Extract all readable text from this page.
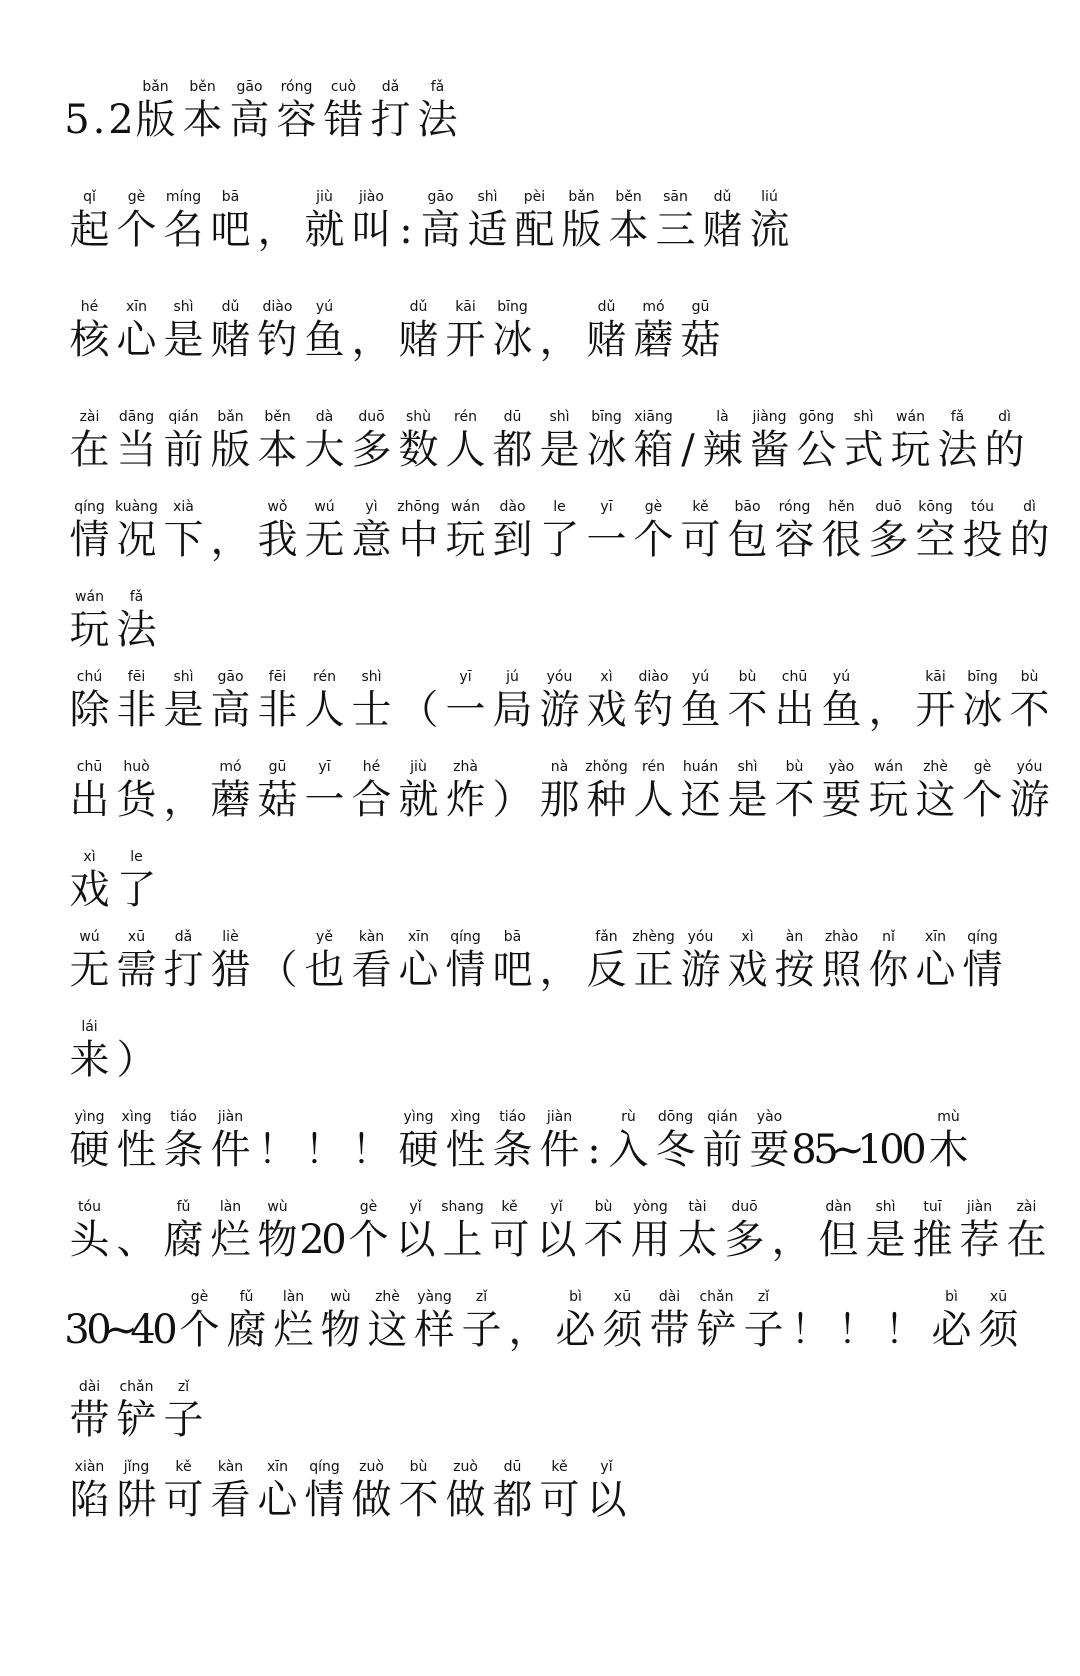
5 . 2
bǎn
版
běn
本
gāo
高
róng
容
cuò
错
dǎ
打
fǎ
法
qǐ
起
gè
个
míng
名
bā
吧 ，
jiù
就
jiào
叫 :
gāo
高
shì
适
pèi
配
bǎn
版
běn
本
sān
三
dǔ
赌
liú
流
hé
核
xīn
心
shì
是
dǔ
赌
diào
钓
yú
鱼 ，
dǔ
赌
kāi
开
bīng
冰 ，
dǔ
赌
mó
蘑
gū
菇
zài
在
dāng
当
qián
前
bǎn
版
běn
本
dà
大
duō
多
shù
数
rén
人
dū
都
shì
是
bīng
冰
xiāng
箱 /
là
辣
jiàng
酱
gōng
公
shì
式
wán
玩
fǎ
法
dì
的
qíng
情
kuàng
况
xià
下 ，
wǒ
我
wú
无
yì
意
zhōng
中
wán
玩
dào
到
le
了
yī
一
gè
个
kě
可
bāo
包
róng
容
hěn
很
duō
多
kōng
空
tóu
投
dì
的
wán
玩
fǎ
法
chú
除
fēi
非
shì
是
gāo
高
fēi
非
rén
人
shì
士 （
yī
一
jú
局
yóu
游
xì
戏
diào
钓
yú
鱼
bù
不
chū
出
yú
鱼 ，
kāi
开
bīng
冰
bù
不
chū
出
huò
货 ，
mó
蘑
gū
菇
yī
一
hé
合
jiù
就
zhà
炸 ）
nà
那
zhǒng
种
rén
人
huán
还
shì
是
bù
不
yào
要
wán
玩
zhè
这
gè
个
yóu
游
xì
戏
le
了
wú
无
xū
需
dǎ
打
liè
猎 （
yě
也
kàn
看
xīn
心
qíng
情
bā
吧 ，
fǎn
反
zhèng
正
yóu
游
xì
戏
àn
按
zhào
照
nǐ
你
xīn
心
qíng
情
lái
来 ）
yìng
硬
xìng
性
tiáo
条
jiàn
件 ！ ！ ！
yìng
硬
xìng
性
tiáo
条
jiàn
件 :
rù
入
dōng
冬
qián
前
yào
要 8
5
~
1
0
0
mù
木
tóu
头 、
fǔ
腐
làn
烂
wù
物 2
0
gè
个
yǐ
以
shang
上
kě
可
yǐ
以
bù
不
yòng
用
tài
太
duō
多 ，
dàn
但
shì
是
tuī
推
jiàn
荐
zài
在
3
0
~
4
0
gè
个
fǔ
腐
làn
烂
wù
物
zhè
这
yàng
样
zǐ
子 ，
bì
必
xū
须
dài
带
chǎn
铲
zǐ
子 ！ ！ ！
bì
必
xū
须
dài
带
chǎn
铲
zǐ
子
xiàn
陷
jǐng
阱
kě
可
kàn
看
xīn
心
qíng
情
zuò
做
bù
不
zuò
做
dū
都
kě
可
yǐ
以
